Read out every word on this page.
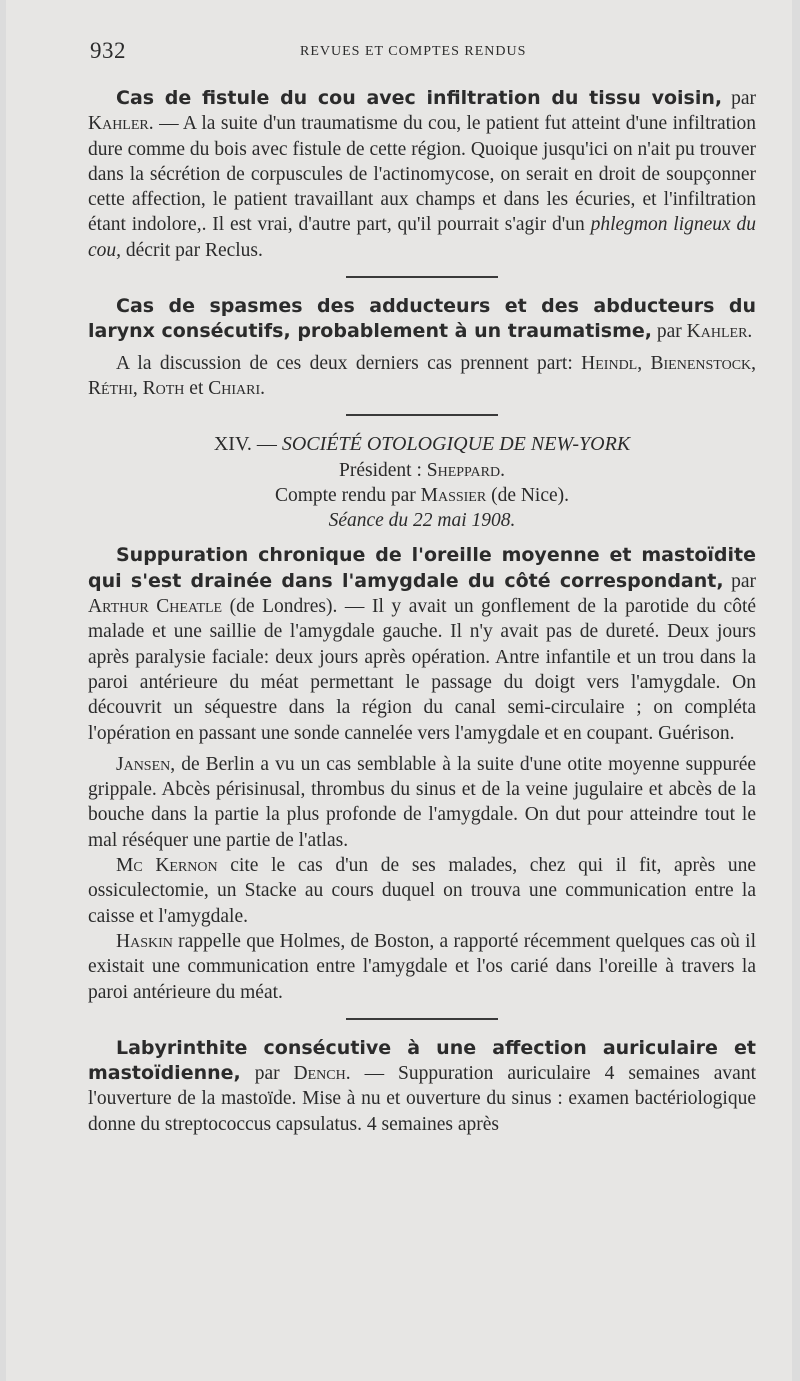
932	REVUES ET COMPTES RENDUS

Cas de fistule du cou avec infiltration du tissu voisin, par Kahler. — A la suite d'un traumatisme du cou, le patient fut atteint d'une infiltration dure comme du bois avec fistule de cette région. Quoique jusqu'ici on n'ait pu trouver dans la sécrétion de corpuscules de l'actinomycose, on serait en droit de soupçonner cette affection, le patient travaillant aux champs et dans les écuries, et l'infiltration étant indolore,. Il est vrai, d'autre part, qu'il pourrait s'agir d'un phlegmon ligneux du cou, décrit par Reclus.

Cas de spasmes des adducteurs et des abducteurs du larynx consécutifs, probablement à un traumatisme, par Kahler.

A la discussion de ces deux derniers cas prennent part: Heindl, Bienenstock, Réthi, Roth et Chiari.

XIV. — SOCIÉTÉ OTOLOGIQUE DE NEW-YORK

Président : Sheppard.

Compte rendu par Massier (de Nice).

Séance du 22 mai 1908.

Suppuration chronique de l'oreille moyenne et mastoïdite qui s'est drainée dans l'amygdale du côté correspondant, par Arthur Cheatle (de Londres). — Il y avait un gonflement de la parotide du côté malade et une saillie de l'amygdale gauche. Il n'y avait pas de dureté. Deux jours après paralysie faciale: deux jours après opération. Antre infantile et un trou dans la paroi antérieure du méat permettant le passage du doigt vers l'amygdale. On découvrit un séquestre dans la région du canal semi-circulaire ; on compléta l'opération en passant une sonde cannelée vers l'amygdale et en coupant. Guérison.

Jansen, de Berlin a vu un cas semblable à la suite d'une otite moyenne suppurée grippale. Abcès périsinusal, thrombus du sinus et de la veine jugulaire et abcès de la bouche dans la partie la plus profonde de l'amygdale. On dut pour atteindre tout le mal réséquer une partie de l'atlas.

Mc Kernon cite le cas d'un de ses malades, chez qui il fit, après une ossiculectomie, un Stacke au cours duquel on trouva une communication entre la caisse et l'amygdale.

Haskin rappelle que Holmes, de Boston, a rapporté récemment quelques cas où il existait une communication entre l'amygdale et l'os carié dans l'oreille à travers la paroi antérieure du méat.

Labyrinthite consécutive à une affection auriculaire et mastoïdienne, par Dench. — Suppuration auriculaire 4 semaines avant l'ouverture de la mastoïde. Mise à nu et ouverture du sinus : examen bactériologique donne du streptococcus capsulatus. 4 semaines après
